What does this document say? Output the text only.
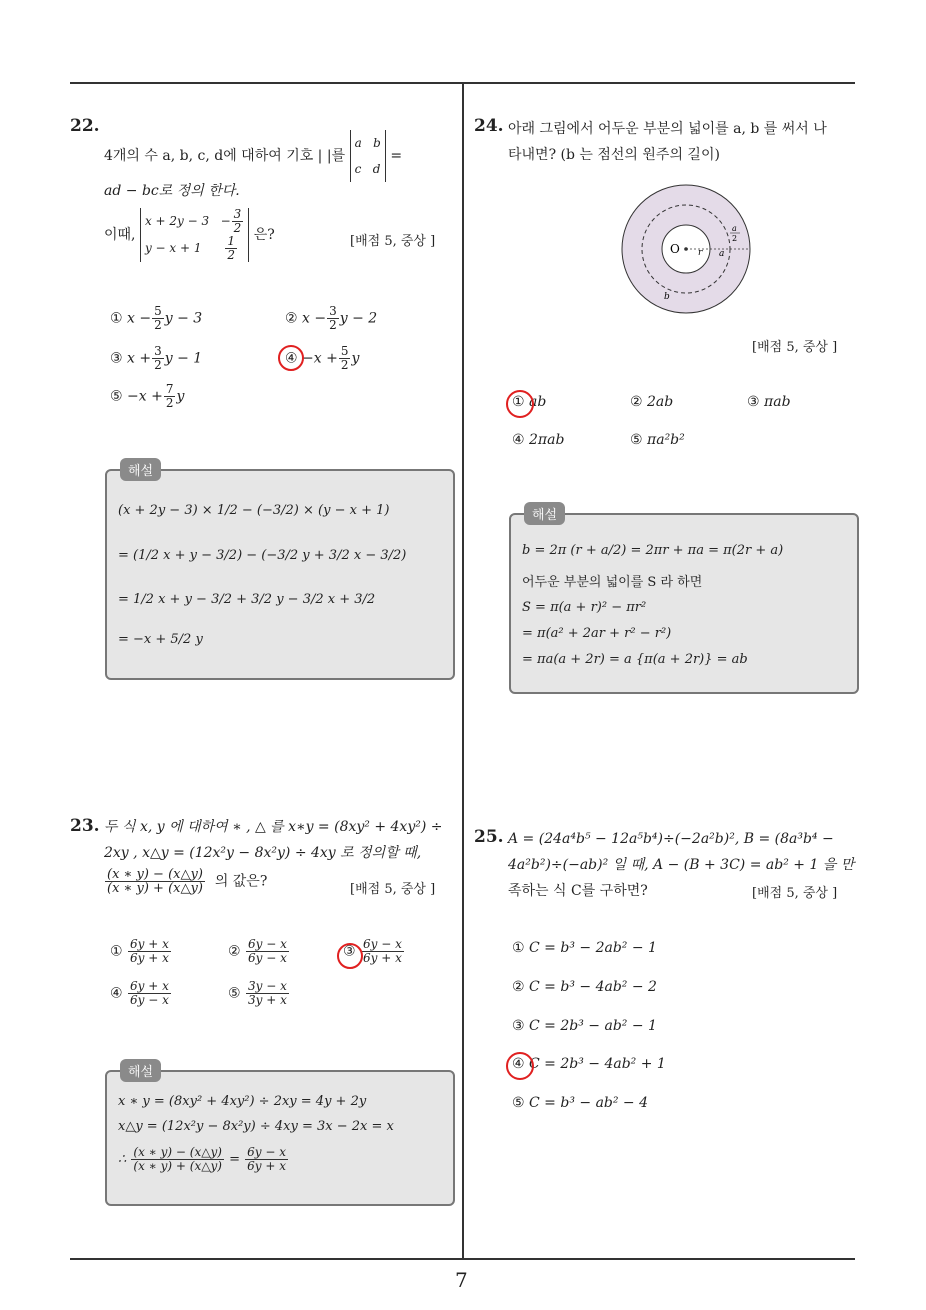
7
22.
4개의 수 a, b, c, d에 대하여 기호 | |를 a b
c d =
ad − bc로 정의 한다.
이때, $x + 2y - 3 - \frac{3}{2}$

$y - x + 1 \frac{1}{2}$ 은?	[배점 5, 중상 ]
① $x - \frac{5}{2}$ y − 3	② $x - \frac{3}{2}$ y − 2
③ $x + \frac{3}{2}$ y − 1	④ $-x + \frac{5}{2}$ y
⑤ $-x + \frac{7}{2}$ y
해설
(x + 2y − 3) × 1/2 − (−3/2) × (y − x + 1)
= (1/2 x + y − 3/2) − (−3/2 y + 3/2 x − 3/2)
= 1/2 x + y − 3/2 + 3/2 y − 3/2 x + 3/2
= −x + 5/2 y
23. 두 식 x, y 에 대하여 ∗ , △ 를 x∗y = (8xy² + 4xy²) ÷
2xy , x△y = (12x²y − 8x²y) ÷ 4xy 로 정의할 때,
$\frac{(x ∗ y) - (x\triangle y)}{(x ∗ y) + (x\triangle y)}$ 의 값은?	[배점 5, 중상 ]
① $\frac{6y + x}{6y + x}$	② $\frac{6y - x}{6y - x}$	③ $\frac{6y - x}{6y + x}$
④ $\frac{6y + x}{6y - x}$	⑤ $\frac{3y - x}{3y + x}$
해설
x ∗ y = (8xy² + 4xy²) ÷ 2xy = 4y + 2y
x△y = (12x²y − 8x²y) ÷ 4xy = 3x − 2x = x
∴ $\frac{(x ∗ y) - (x\triangle y)}{(x ∗ y) + (x\triangle y)} = \frac{6y - x}{6y + x}$
24. 아래 그림에서 어두운 부분의 넓이를 a, b 를 써서 나
타내면? (b 는 점선의 원주의 길이)
O r a
a
2
b
[배점 5, 중상 ]
① ab	② 2ab	③ πab
④ 2πab	⑤ πa²b²
해설
b = 2π (r + a/2) = 2πr + πa = π(2r + a)
어두운 부분의 넓이를 S 라 하면
S = π(a + r)² − πr²
= π(a² + 2ar + r² − r²)
= πa(a + 2r) = a {π(a + 2r)} = ab
25. A = (24a⁴b⁵ − 12a⁵b⁴)÷(−2a²b)², B = (8a³b⁴ −
4a²b²)÷(−ab)² 일 때, A − (B + 3C) = ab² + 1 을 만
족하는 식 C를 구하면?	[배점 5, 중상 ]
① C = b³ − 2ab² − 1
② C = b³ − 4ab² − 2
③ C = 2b³ − ab² − 1
④ C = 2b³ − 4ab² + 1
⑤ C = b³ − ab² − 4
